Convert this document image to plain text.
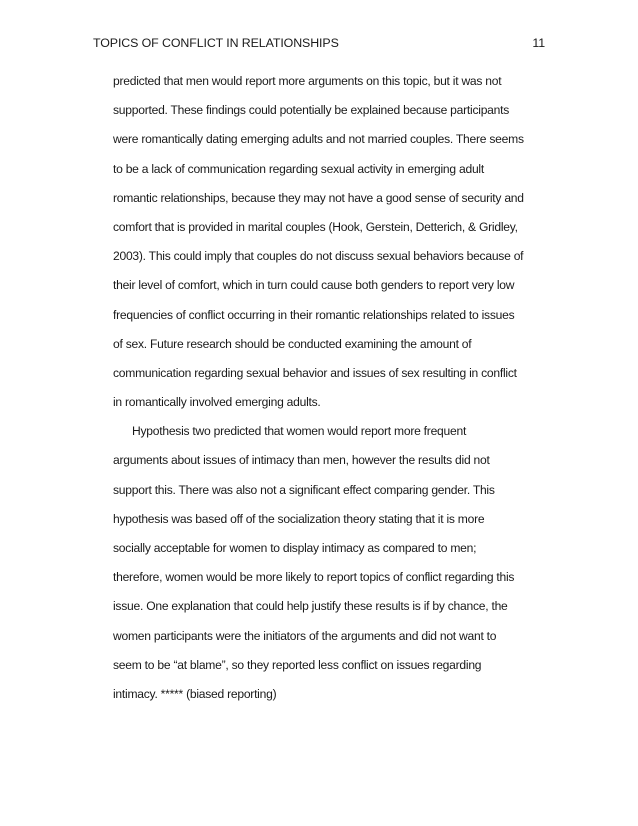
TOPICS OF CONFLICT IN RELATIONSHIPS	11
predicted that men would report more arguments on this topic, but it was not
supported. These findings could potentially be explained because participants
were romantically dating emerging adults and not married couples. There seems
to be a lack of communication regarding sexual activity in emerging adult
romantic relationships, because they may not have a good sense of security and
comfort that is provided in marital couples (Hook, Gerstein, Detterich, & Gridley,
2003). This could imply that couples do not discuss sexual behaviors because of
their level of comfort, which in turn could cause both genders to report very low
frequencies of conflict occurring in their romantic relationships related to issues
of sex. Future research should be conducted examining the amount of
communication regarding sexual behavior and issues of sex resulting in conflict
in romantically involved emerging adults.
Hypothesis two predicted that women would report more frequent
arguments about issues of intimacy than men, however the results did not
support this. There was also not a significant effect comparing gender. This
hypothesis was based off of the socialization theory stating that it is more
socially acceptable for women to display intimacy as compared to men;
therefore, women would be more likely to report topics of conflict regarding this
issue. One explanation that could help justify these results is if by chance, the
women participants were the initiators of the arguments and did not want to
seem to be “at blame”, so they reported less conflict on issues regarding
intimacy. ***** (biased reporting)
